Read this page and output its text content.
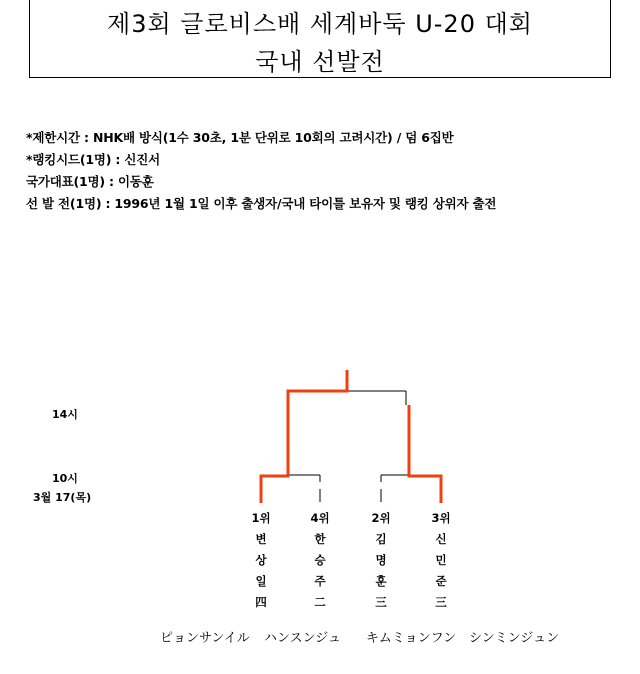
제3회 글로비스배 세계바둑 U-20 대회
국내 선발전
*제한시간 : NHK배 방식(1수 30초, 1분 단위로 10회의 고려시간) / 덤 6집반
*랭킹시드(1명) : 신진서
국가대표(1명) : 이동훈
선 발 전(1명) : 1996년 1월 1일 이후 출생자/국내 타이틀 보유자 및 랭킹 상위자 출전
14시
10시
3월 17(목)
1위
변
상
일
四
4위
한
승
주
二
2위
김
명
훈
三
3위
신
민
준
三
ピョンサンイル ハンスンジュ キムミョンフン シンミンジュン
